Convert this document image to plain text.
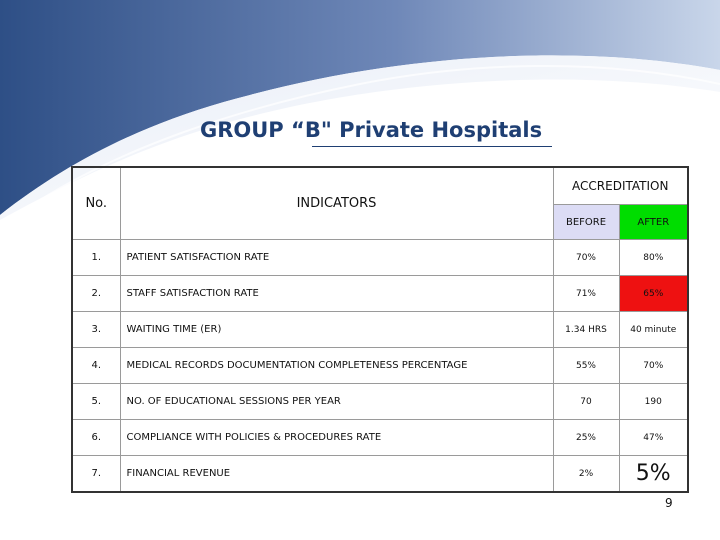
GROUP “B" Private Hospitals
No.	INDICATORS	ACCREDITATION	
		BEFORE	AFTER
1.	PATIENT SATISFACTION RATE	70%	80%
2.	STAFF SATISFACTION RATE	71%	65%
3.	WAITING TIME (ER)	1.34 HRS	40 minute
4.	MEDICAL RECORDS DOCUMENTATION COMPLETENESS PERCENTAGE	55%	70%
5.	NO. OF EDUCATIONAL SESSIONS PER YEAR	70	190
6.	COMPLIANCE WITH POLICIES & PROCEDURES RATE	25%	47%
7.	FINANCIAL REVENUE	2%	5%
9
